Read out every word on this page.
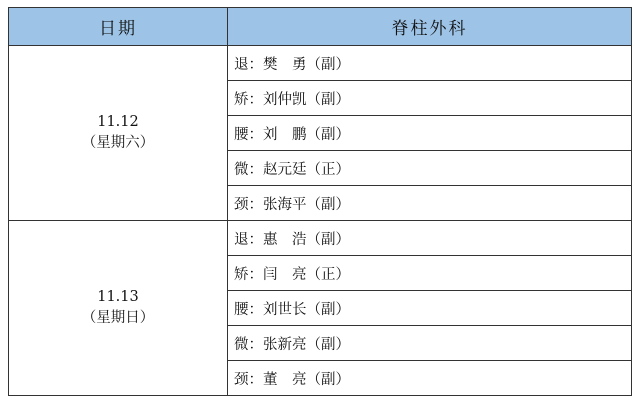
日期	脊柱外科

11.12
（星期六）	退：樊　勇（副）
	矫：刘仲凯（副）
	腰：刘　鹏（副）
	微：赵元廷（正）
	颈：张海平（副）

11.13
（星期日）	退：惠　浩（副）
	矫：闫　亮（正）
	腰：刘世长（副）
	微：张新亮（副）
	颈：董　亮（副）
